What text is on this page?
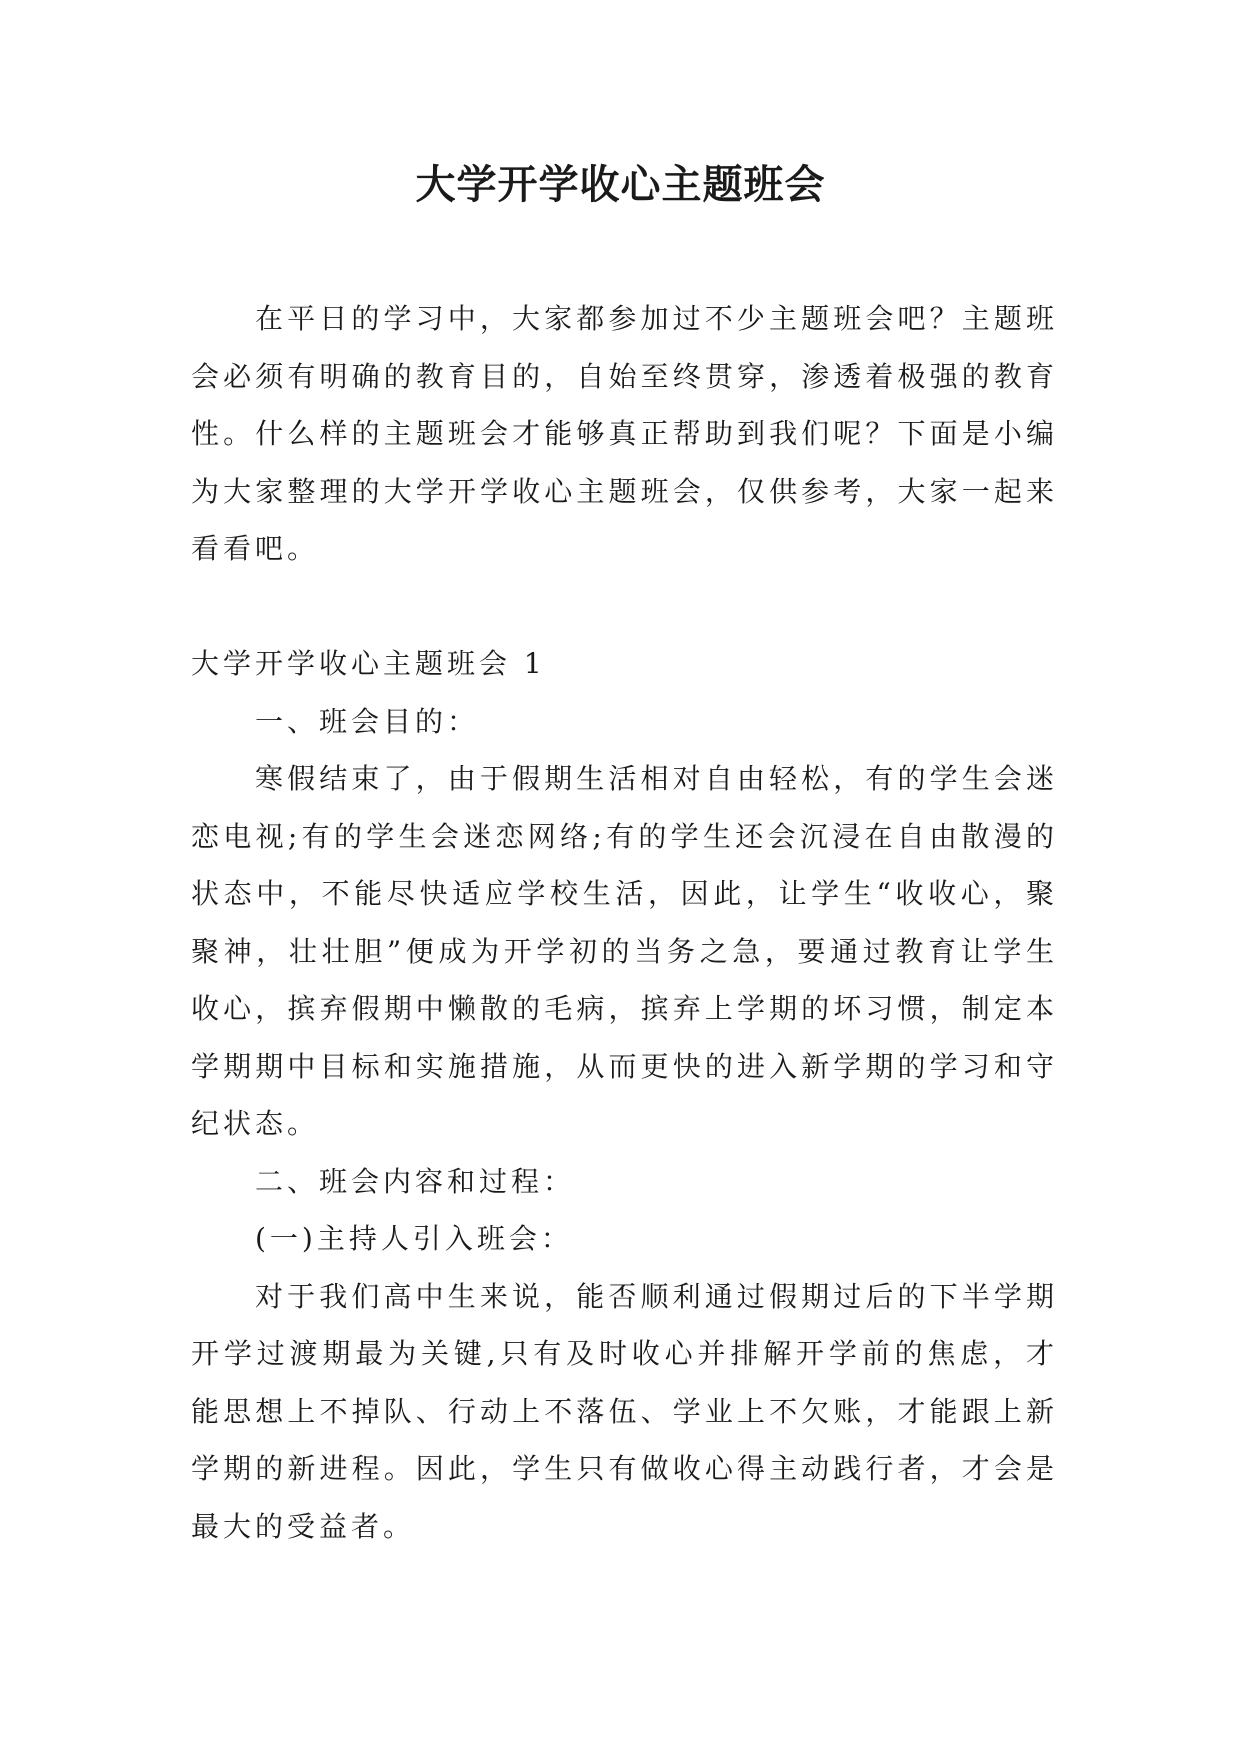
大学开学收心主题班会

在平日的学习中，大家都参加过不少主题班会吧？主题班会必须有明确的教育目的，自始至终贯穿，渗透着极强的教育性。什么样的主题班会才能够真正帮助到我们呢？下面是小编为大家整理的大学开学收心主题班会，仅供参考，大家一起来看看吧。

大学开学收心主题班会 1

一、班会目的：

寒假结束了，由于假期生活相对自由轻松，有的学生会迷恋电视;有的学生会迷恋网络;有的学生还会沉浸在自由散漫的状态中，不能尽快适应学校生活，因此，让学生“收收心，聚聚神，壮壮胆”便成为开学初的当务之急，要通过教育让学生收心，摈弃假期中懒散的毛病，摈弃上学期的坏习惯，制定本学期期中目标和实施措施，从而更快的进入新学期的学习和守纪状态。

二、班会内容和过程：

(一)主持人引入班会：

对于我们高中生来说，能否顺利通过假期过后的下半学期开学过渡期最为关键,只有及时收心并排解开学前的焦虑，才能思想上不掉队、行动上不落伍、学业上不欠账，才能跟上新学期的新进程。因此，学生只有做收心得主动践行者，才会是最大的受益者。
